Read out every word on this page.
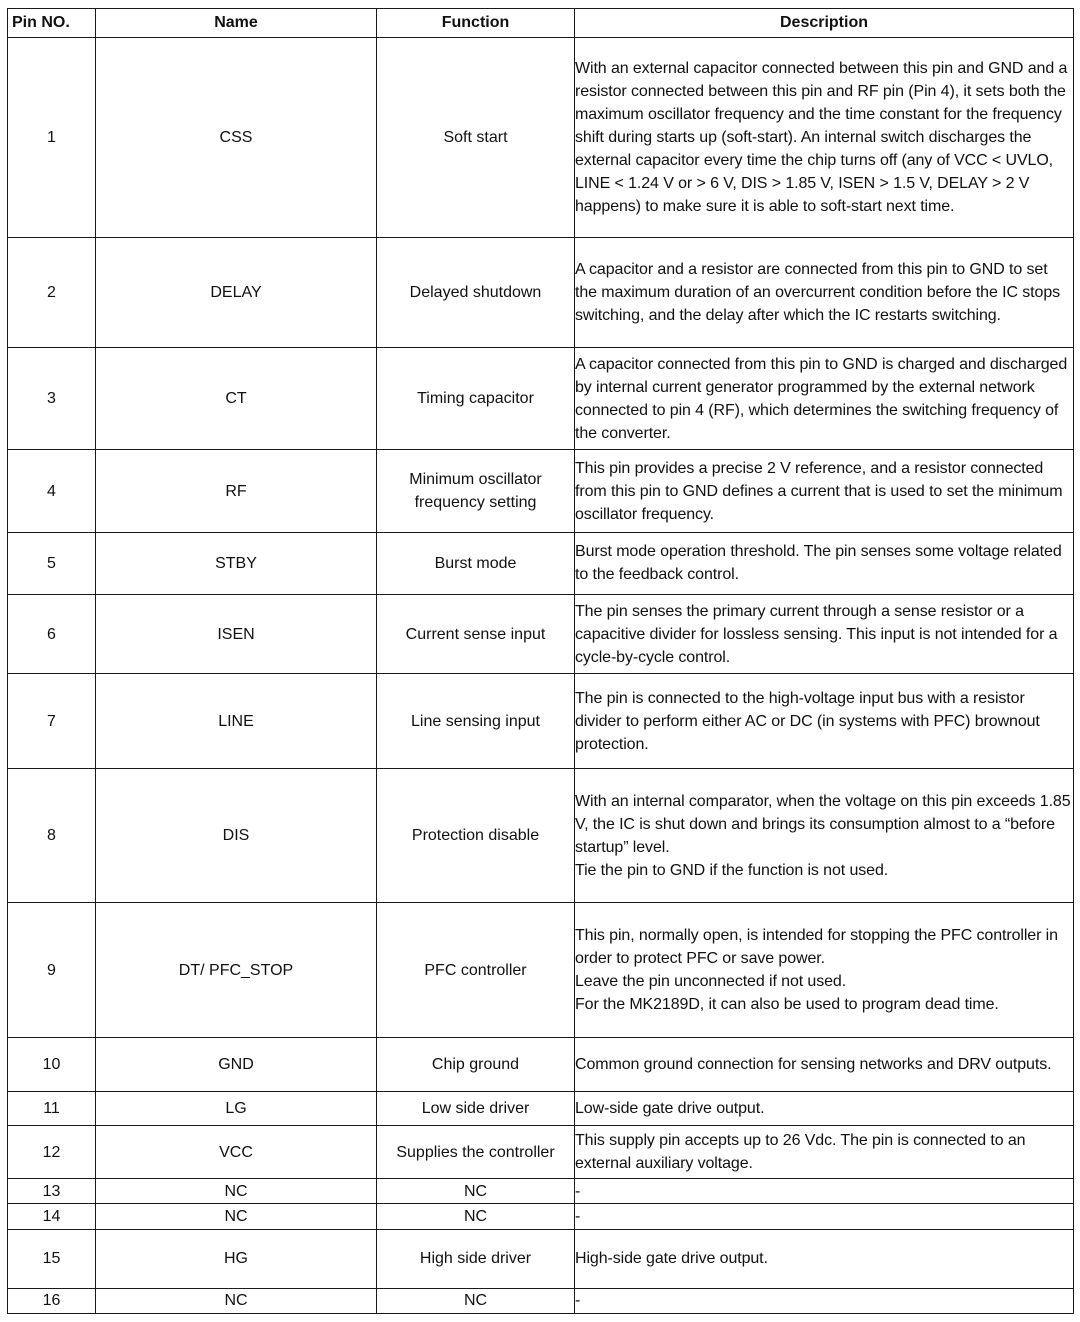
Pin NO.	Name	Function	Description
1	CSS	Soft start	With an external capacitor connected between this pin and GND and a resistor connected between this pin and RF pin (Pin 4), it sets both the maximum oscillator frequency and the time constant for the frequency shift during starts up (soft-start). An internal switch discharges the external capacitor every time the chip turns off (any of VCC < UVLO, LINE < 1.24 V or > 6 V, DIS > 1.85 V, ISEN > 1.5 V, DELAY > 2 V happens) to make sure it is able to soft-start next time.

2	DELAY	Delayed shutdown	A capacitor and a resistor are connected from this pin to GND to set the maximum duration of an overcurrent condition before the IC stops switching, and the delay after which the IC restarts switching.

3	CT	Timing capacitor	A capacitor connected from this pin to GND is charged and discharged by internal current generator programmed by the external network connected to pin 4 (RF), which determines the switching frequency of the converter.

4	RF	Minimum oscillator frequency setting	This pin provides a precise 2 V reference, and a resistor connected from this pin to GND defines a current that is used to set the minimum oscillator frequency.

5	STBY	Burst mode	Burst mode operation threshold. The pin senses some voltage related to the feedback control.

6	ISEN	Current sense input	The pin senses the primary current through a sense resistor or a capacitive divider for lossless sensing. This input is not intended for a cycle-by-cycle control.

7	LINE	Line sensing input	The pin is connected to the high-voltage input bus with a resistor divider to perform either AC or DC (in systems with PFC) brownout protection.

8	DIS	Protection disable	With an internal comparator, when the voltage on this pin exceeds 1.85 V, the IC is shut down and brings its consumption almost to a “before startup” level.
Tie the pin to GND if the function is not used.

9	DT/ PFC_STOP	PFC controller	This pin, normally open, is intended for stopping the PFC controller in order to protect PFC or save power.
Leave the pin unconnected if not used.
For the MK2189D, it can also be used to program dead time.

10	GND	Chip ground	Common ground connection for sensing networks and DRV outputs.

11	LG	Low side driver	Low-side gate drive output.

12	VCC	Supplies the controller	This supply pin accepts up to 26 Vdc. The pin is connected to an external auxiliary voltage.

13	NC	NC	-

14	NC	NC	-

15	HG	High side driver	High-side gate drive output.

16	NC	NC	-
